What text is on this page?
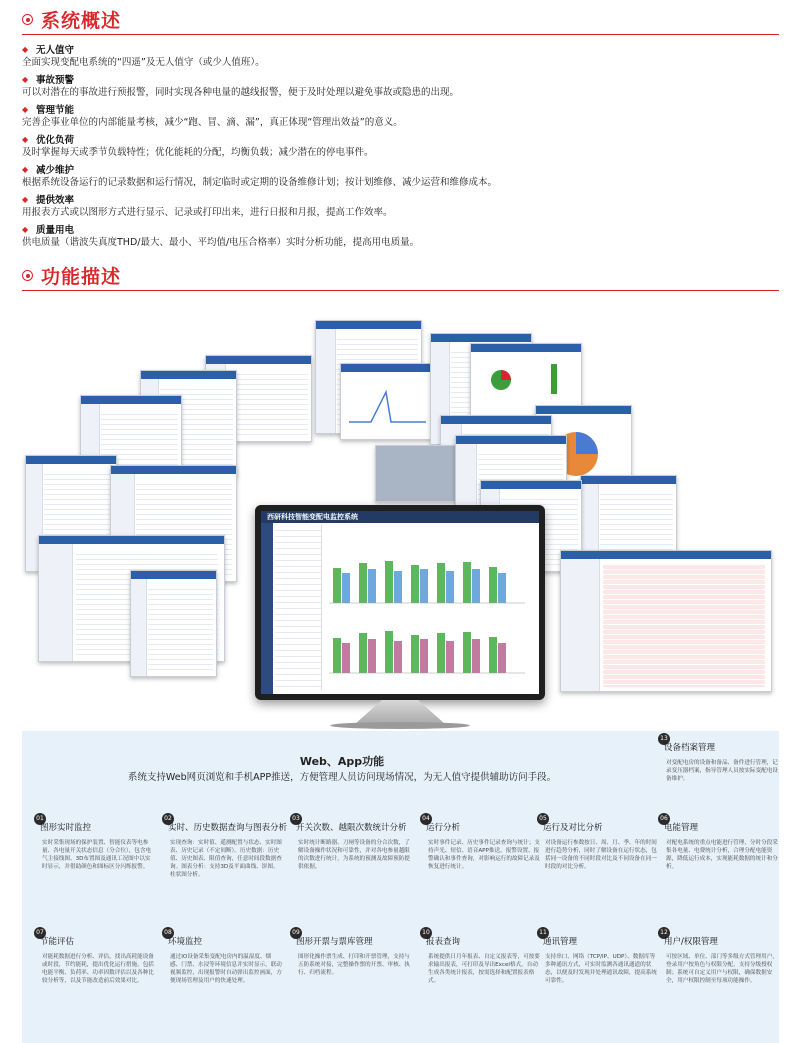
系统概述
◆ 无人值守
全面实现变配电系统的“四遥”及无人值守（或少人值班）。
◆ 事故预警
可以对潜在的事故进行预报警，同时实现各种电量的越线报警，便于及时处理以避免事故或隐患的出现。
◆ 管理节能
完善企事业单位的内部能量考核，减少“跑、冒、滴、漏”，真正体现“管理出效益”的意义。
◆ 优化负荷
及时掌握每天或季节负载特性；优化能耗的分配，均衡负载；减少潜在的停电事件。
◆ 减少维护
根据系统设备运行的记录数据和运行情况，制定临时或定期的设备维修计划；按计划维修、减少运营和维修成本。
◆ 提供效率
用报表方式或以图形方式进行显示、记录或打印出来，进行日报和月报，提高工作效率。
◆ 质量用电
供电质量（谐波失真度THD/最大、最小、平均值/电压合格率）实时分析功能，提高用电质量。
功能描述
西研科技智能变配电监控系统
Web、App功能
系统支持Web网页浏览和手机APP推送，方便管理人员访问现场情况，为无人值守提供辅助访问手段。
13
设备档案管理
对变配电房的设备和备品、备件进行管理，记录变压器档案，指导管理人员按实际变配电设备维护。
01
图形实时监控
实时采集现场的保护装置、智能仪表等电参量、各电量开关状态信息（分合位），包含电气主接线图、3D布置图及通讯工况图中以实时显示，并借助颜色和图标区分闪烁报警。
02
实时、历史数据查询与图表分析
实现查询：实时值、遥测配置与状态、实时图表、历史记录（不定间断）。历史数据：历史值、历史图表、限值查询，任意时间段数据查询。图表分析：支持3D及平面曲线、饼图、柱状图分析。
03
开关次数、越限次数统计分析
实时统计断路器、刀闸等设备的分合次数，了解设备操作状况和可靠性，并对各电参量越限的次数进行统计，为系统的预测及故障预防提供依据。
04
运行分析
实时事件记录、历史事件记录查询与统计；支持声光、短信、语音APP推送，报警设置、报警确认和事件查询，对影响运行的故障记录及恢复进行统计。
05
运行及对比分析
对设备运行参数按日、周、月、季、年的时间进行趋势分析，同时了解设备在运行状态，包括同一设备的不同时段对比及不同设备在同一时段的对比分析。
06
电能管理
对配电系统的重点电能进行管理，分时分段采集各电量、电费统计分析，合理分配电能资源，降低运行成本，实现能耗数据的统计和分析。
07
节能评估
对能耗数据进行分析、评估，找出高耗能设备或时段，节约能耗，提出优化运行措施，包括电能平衡、负荷率、功率因数评估以及各种比较分析等，以及节能改造前后效果对比。
08
环境监控
通过IO设备采集变配电房内的温湿度、烟感、门禁、水浸等环境信息并实时显示，联动视频监控，出现报警时自动弹出监控画面，方便现场管理及用户的快速处理。
09
图形开票与票库管理
图形化操作票生成、打印和开票管理，支持与五防系统对接，完整操作票的开票、审核、执行、归档流程。
10
报表查询
系统提供日月年报表、自定义报表等，可按要求输出报表，可打印及导出Excel格式，自动生成各类统计报表，按需选择和配置报表格式。
11
通讯管理
支持串口、网络（TCP/IP、UDP）、数据库等多种通讯方式，可实时监测各通讯通道的状态，以便及时发现并处理通讯故障，提高系统可靠性。
12
用户/权限管理
可按区域、单位、部门等多级方式管理用户，登录用户按角色与权限分配，支持分级授权制；系统可自定义用户与权限，确保数据安全，用户权限控制至每项功能操作。
